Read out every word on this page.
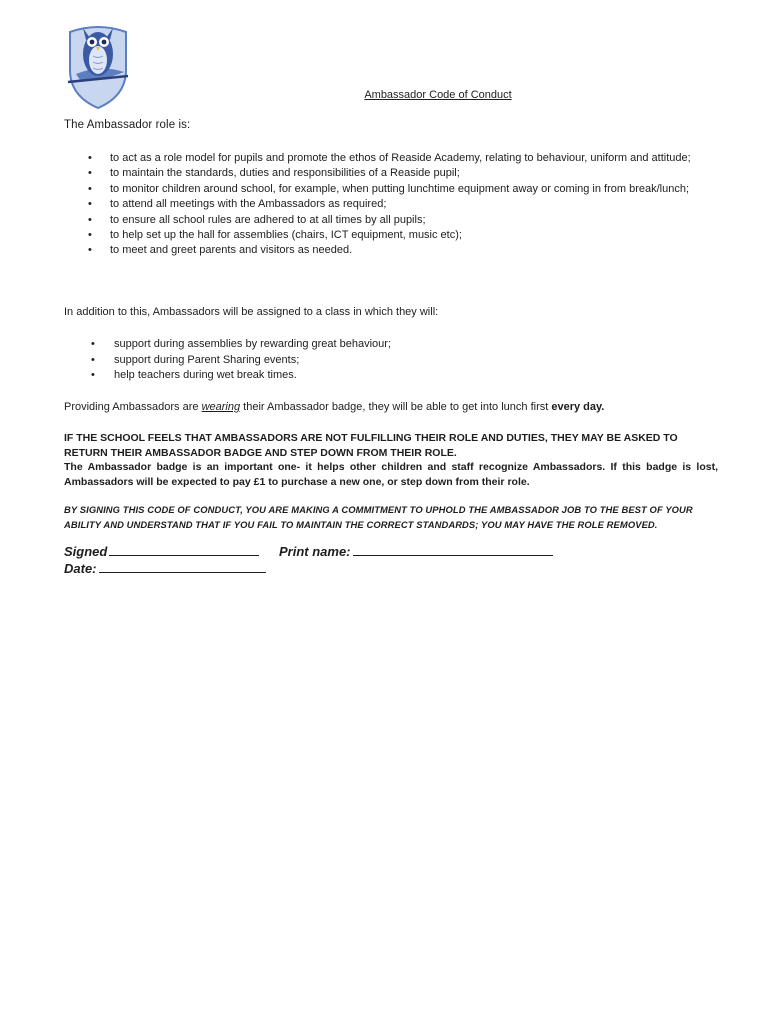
Ambassador Code of Conduct
The Ambassador role is:
• to act as a role model for pupils and promote the ethos of Reaside Academy, relating to behaviour, uniform and attitude;
• to maintain the standards, duties and responsibilities of a Reaside pupil;
• to monitor children around school, for example, when putting lunchtime equipment away or coming in from break/lunch;
• to attend all meetings with the Ambassadors as required;
• to ensure all school rules are adhered to at all times by all pupils;
• to help set up the hall for assemblies (chairs, ICT equipment, music etc);
• to meet and greet parents and visitors as needed.
In addition to this, Ambassadors will be assigned to a class in which they will:
• support during assemblies by rewarding great behaviour;
• support during Parent Sharing events;
• help teachers during wet break times.
Providing Ambassadors are wearing their Ambassador badge, they will be able to get into lunch first every day.
IF THE SCHOOL FEELS THAT AMBASSADORS ARE NOT FULFILLING THEIR ROLE AND DUTIES, THEY MAY BE ASKED TO RETURN THEIR AMBASSADOR BADGE AND STEP DOWN FROM THEIR ROLE.
The Ambassador badge is an important one- it helps other children and staff recognize Ambassadors. If this badge is lost, Ambassadors will be expected to pay £1 to purchase a new one, or step down from their role.
BY SIGNING THIS CODE OF CONDUCT, YOU ARE MAKING A COMMITMENT TO UPHOLD THE AMBASSADOR JOB TO THE BEST OF YOUR ABILITY AND UNDERSTAND THAT IF YOU FAIL TO MAINTAIN THE CORRECT STANDARDS; YOU MAY HAVE THE ROLE REMOVED.
Signed	Print name:
Date:
